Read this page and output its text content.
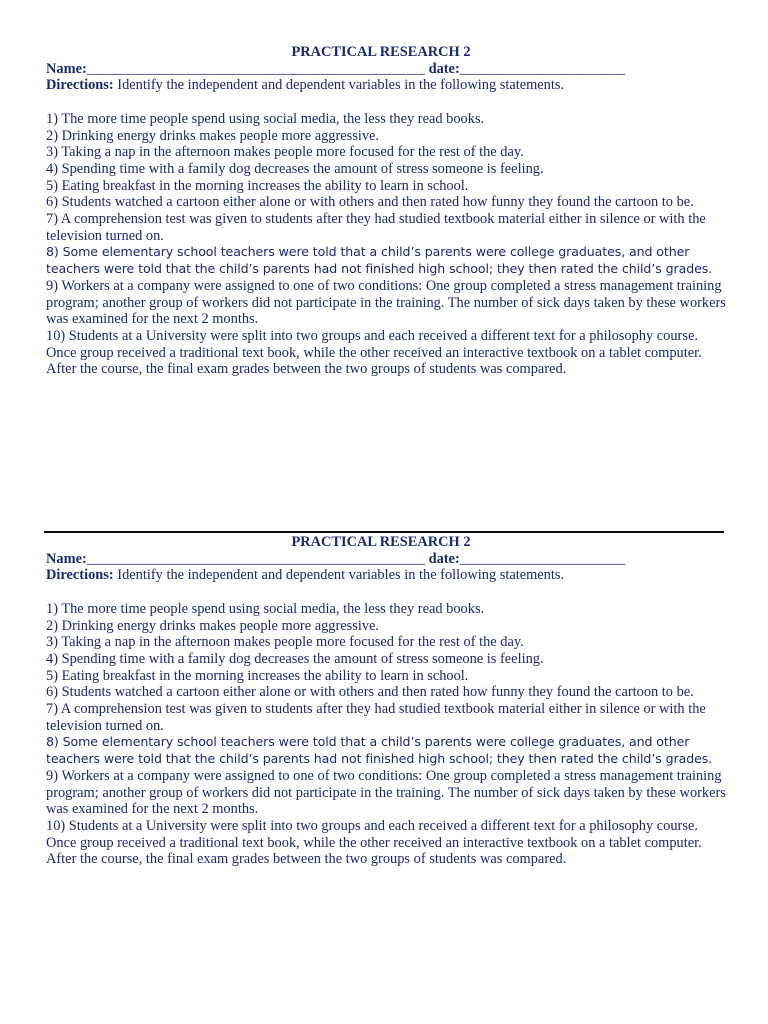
PRACTICAL RESEARCH 2
Name:_______________________________________________ date:_______________________
Directions: Identify the independent and dependent variables in the following statements.

1) The more time people spend using social media, the less they read books.

2) Drinking energy drinks makes people more aggressive.

3) Taking a nap in the afternoon makes people more focused for the rest of the day.

4) Spending time with a family dog decreases the amount of stress someone is feeling.

5) Eating breakfast in the morning increases the ability to learn in school.

6) Students watched a cartoon either alone or with others and then rated how funny they found the cartoon to be.

7) A comprehension test was given to students after they had studied textbook material either in silence or with the television turned on.

8) Some elementary school teachers were told that a child’s parents were college graduates, and other teachers were told that the child’s parents had not finished high school; they then rated the child’s grades.

9) Workers at a company were assigned to one of two conditions: One group completed a stress management training program; another group of workers did not participate in the training. The number of sick days taken by these workers was examined for the next 2 months.

10) Students at a University were split into two groups and each received a different text for a philosophy course. Once group received a traditional text book, while the other received an interactive textbook on a tablet computer. After the course, the final exam grades between the two groups of students was compared.

PRACTICAL RESEARCH 2
Name:_______________________________________________ date:_______________________
Directions: Identify the independent and dependent variables in the following statements.

1) The more time people spend using social media, the less they read books.

2) Drinking energy drinks makes people more aggressive.

3) Taking a nap in the afternoon makes people more focused for the rest of the day.

4) Spending time with a family dog decreases the amount of stress someone is feeling.

5) Eating breakfast in the morning increases the ability to learn in school.

6) Students watched a cartoon either alone or with others and then rated how funny they found the cartoon to be.

7) A comprehension test was given to students after they had studied textbook material either in silence or with the television turned on.

8) Some elementary school teachers were told that a child’s parents were college graduates, and other teachers were told that the child’s parents had not finished high school; they then rated the child’s grades.

9) Workers at a company were assigned to one of two conditions: One group completed a stress management training program; another group of workers did not participate in the training. The number of sick days taken by these workers was examined for the next 2 months.

10) Students at a University were split into two groups and each received a different text for a philosophy course. Once group received a traditional text book, while the other received an interactive textbook on a tablet computer. After the course, the final exam grades between the two groups of students was compared.
